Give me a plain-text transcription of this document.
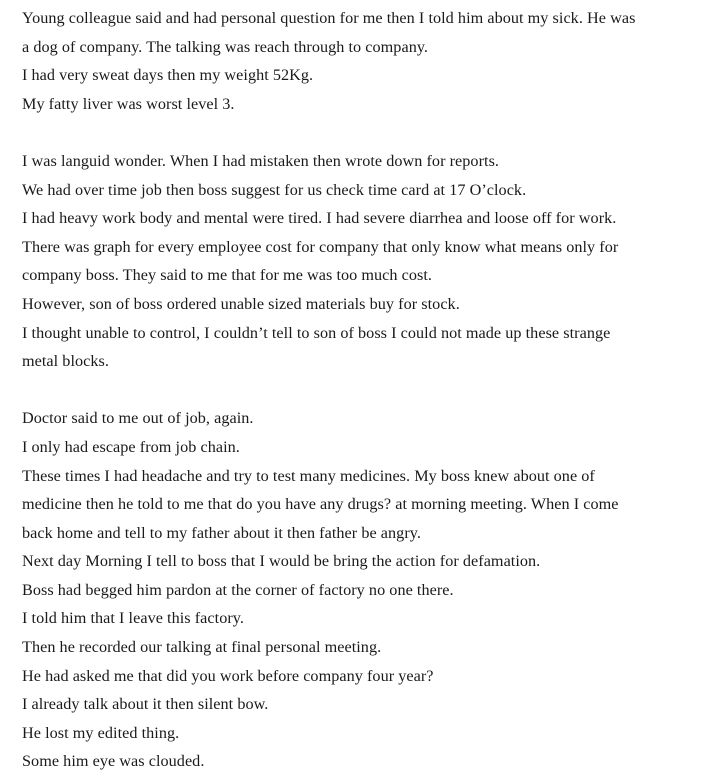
Young colleague said and had personal question for me then I told him about my sick. He was
a dog of company. The talking was reach through to company.
I had very sweat days then my weight 52Kg.
My fatty liver was worst level 3.
I was languid wonder. When I had mistaken then wrote down for reports.
We had over time job then boss suggest for us check time card at 17 O’clock.
I had heavy work body and mental were tired. I had severe diarrhea and loose off for work.
There was graph for every employee cost for company that only know what means only for
company boss. They said to me that for me was too much cost.
However, son of boss ordered unable sized materials buy for stock.
I thought unable to control, I couldn’t tell to son of boss I could not made up these strange
metal blocks.
Doctor said to me out of job, again.
I only had escape from job chain.
These times I had headache and try to test many medicines. My boss knew about one of
medicine then he told to me that do you have any drugs? at morning meeting. When I come
back home and tell to my father about it then father be angry.
Next day Morning I tell to boss that I would be bring the action for defamation.
Boss had begged him pardon at the corner of factory no one there.
I told him that I leave this factory.
Then he recorded our talking at final personal meeting.
He had asked me that did you work before company four year?
I already talk about it then silent bow.
He lost my edited thing.
Some him eye was clouded.
